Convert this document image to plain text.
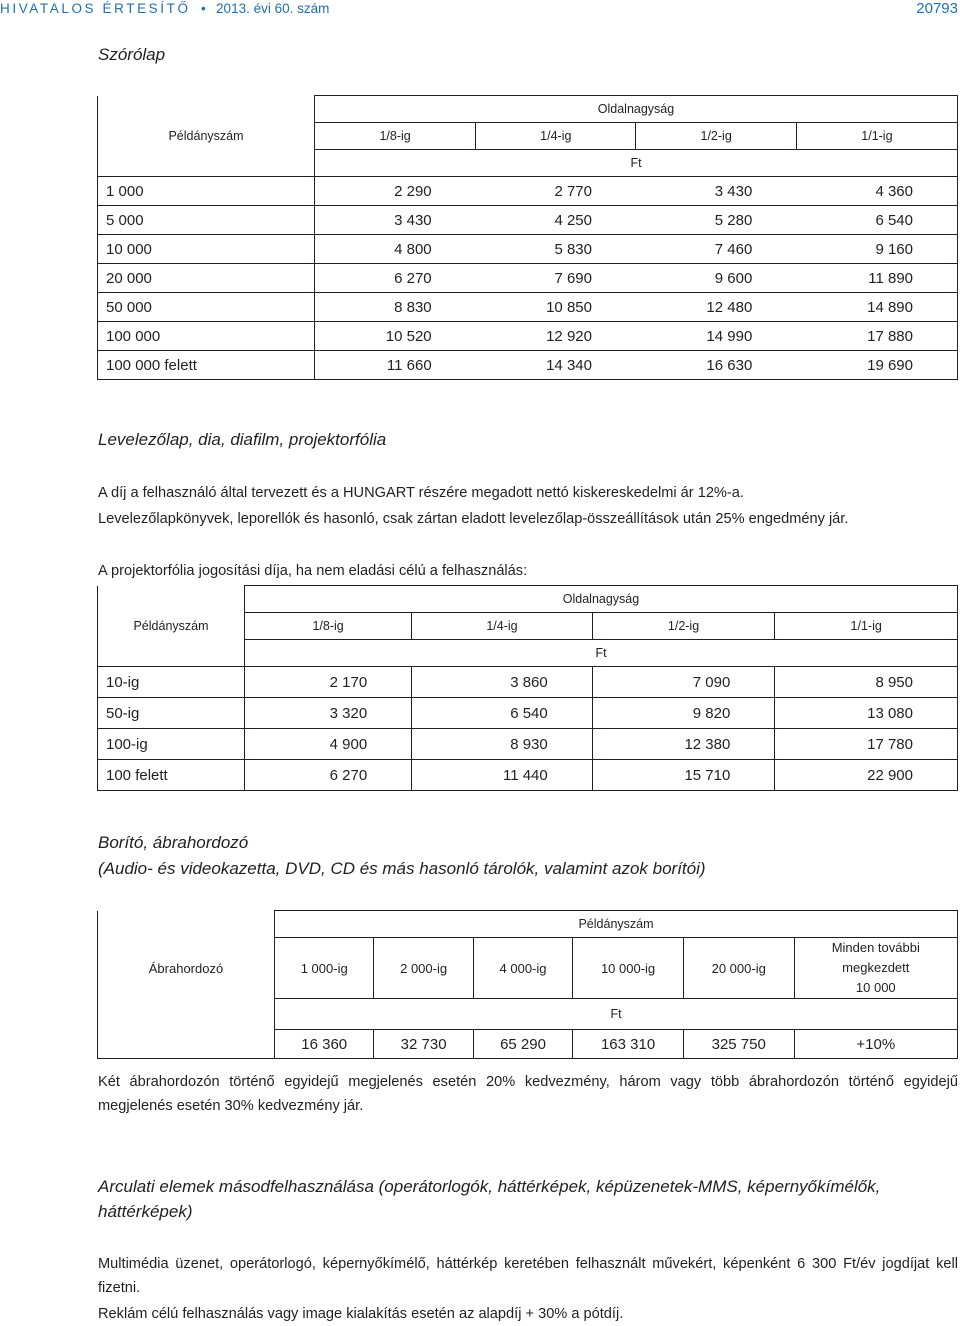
HIVATALOS ÉRTESÍTŐ • 2013. évi 60. szám	20793
Szórólap
	Oldalnagyság			
Példányszám	1/8-ig	1/4-ig	1/2-ig	1/1-ig
	Ft			
1 000	2 290	2 770	3 430	4 360
5 000	3 430	4 250	5 280	6 540
10 000	4 800	5 830	7 460	9 160
20 000	6 270	7 690	9 600	11 890
50 000	8 830	10 850	12 480	14 890
100 000	10 520	12 920	14 990	17 880
100 000 felett	11 660	14 340	16 630	19 690
Levelezőlap, dia, diafilm, projektorfólia
A díj a felhasználó által tervezett és a HUNGART részére megadott nettó kiskereskedelmi ár 12%-a.
Levelezőlapkönyvek, leporellók és hasonló, csak zártan eladott levelezőlap-összeállítások után 25% engedmény jár.
A projektorfólia jogosítási díja, ha nem eladási célú a felhasználás:
	Oldalnagyság			
Példányszám	1/8-ig	1/4-ig	1/2-ig	1/1-ig
	Ft			
10-ig	2 170	3 860	7 090	8 950
50-ig	3 320	6 540	9 820	13 080
100-ig	4 900	8 930	12 380	17 780
100 felett	6 270	11 440	15 710	22 900
Borító, ábrahordozó
(Audio- és videokazetta, DVD, CD és más hasonló tárolók, valamint azok borítói)
	Példányszám					
Ábrahordozó	1 000-ig	2 000-ig	4 000-ig	10 000-ig	20 000-ig	Minden további
megkezdett
10 000

	Ft					
	16 360	32 730	65 290	163 310	325 750	+10%
Két ábrahordozón történő egyidejű megjelenés esetén 20% kedvezmény, három vagy több ábrahordozón történő egyidejű megjelenés esetén 30% kedvezmény jár.
Arculati elemek másodfelhasználása (operátorlogók, háttérképek, képüzenetek-MMS, képernyőkímélők, háttérképek)
Multimédia üzenet, operátorlogó, képernyőkímélő, háttérkép keretében felhasznált művekért, képenként 6 300 Ft/év jogdíjat kell fizetni.
Reklám célú felhasználás vagy image kialakítás esetén az alapdíj + 30% a pótdíj.
